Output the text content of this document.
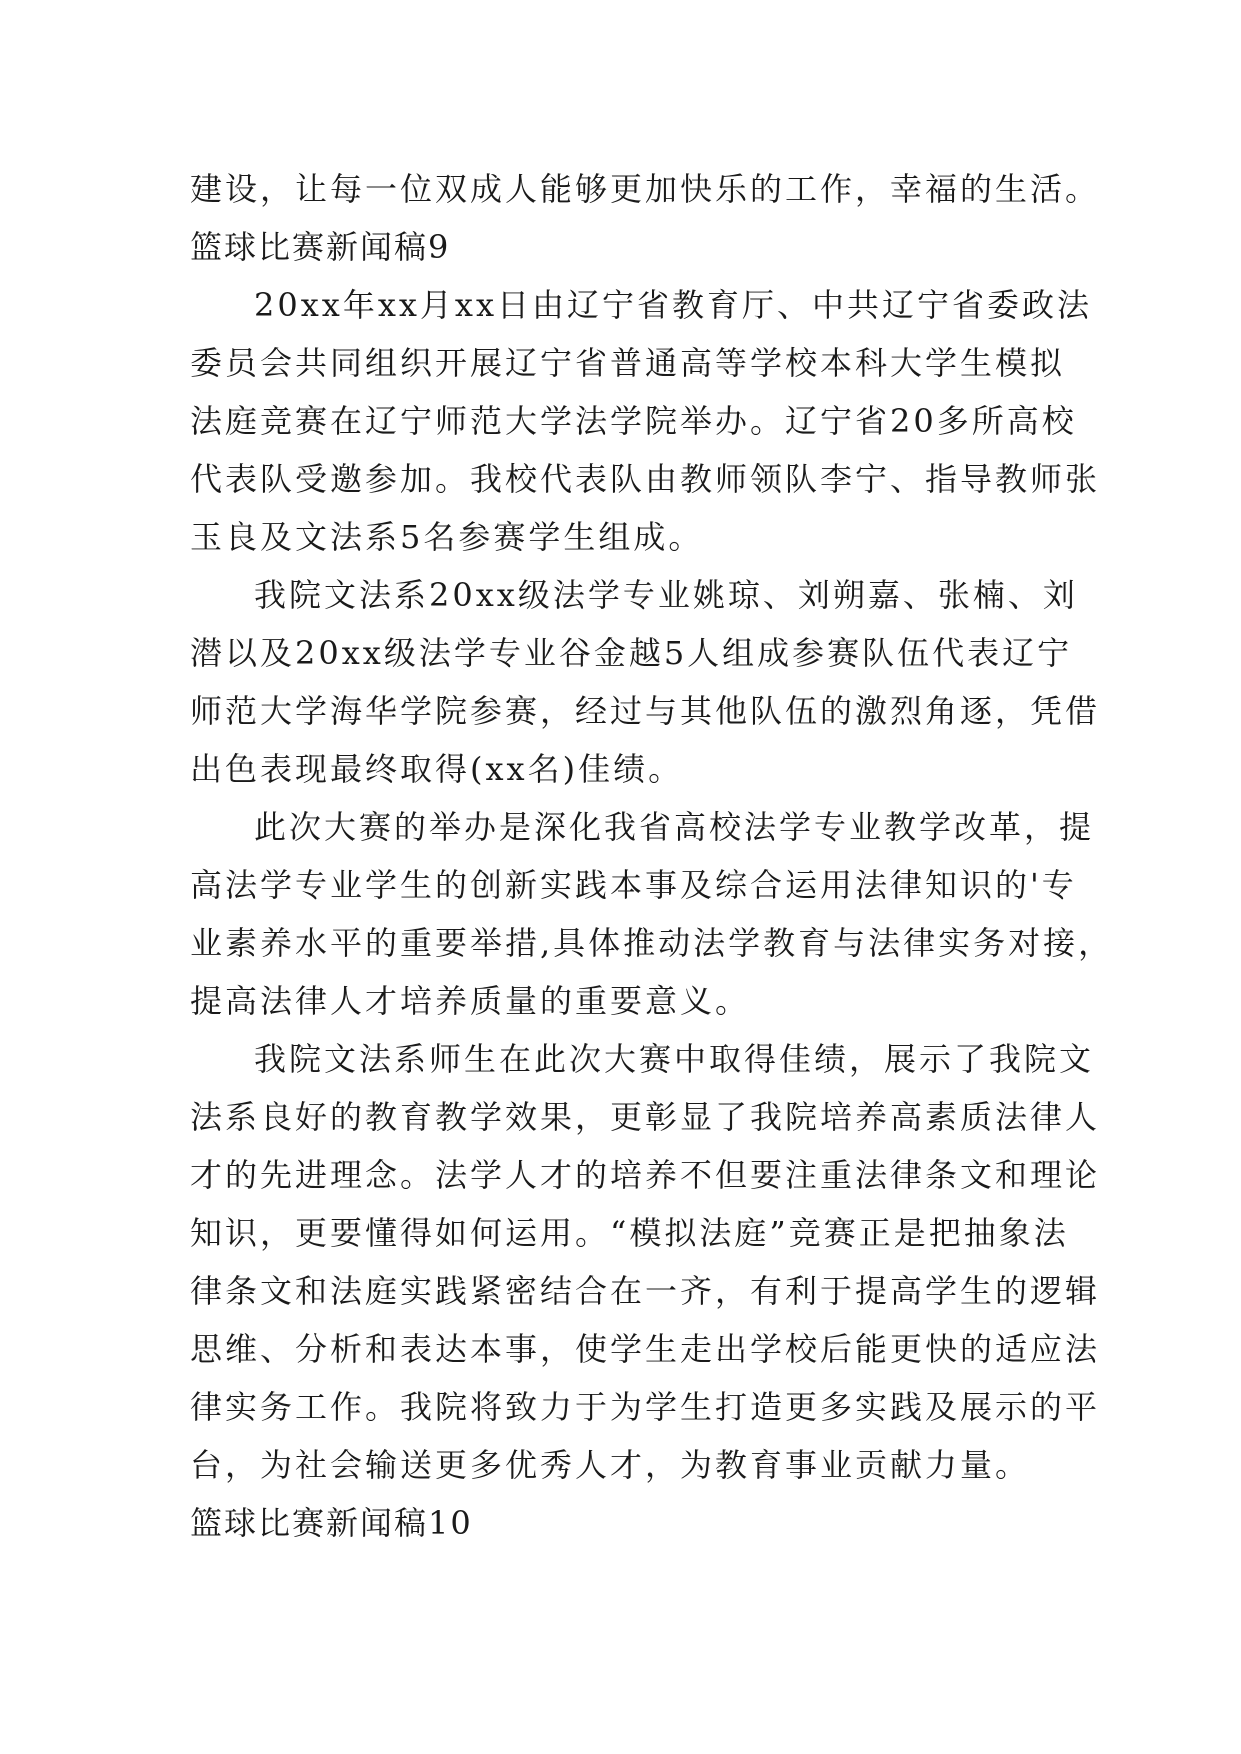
建设，让每一位双成人能够更加快乐的工作，幸福的生活。
篮球比赛新闻稿9
20xx年xx月xx日由辽宁省教育厅、中共辽宁省委政法
委员会共同组织开展辽宁省普通高等学校本科大学生模拟
法庭竞赛在辽宁师范大学法学院举办。辽宁省20多所高校
代表队受邀参加。我校代表队由教师领队李宁、指导教师张
玉良及文法系5名参赛学生组成。
我院文法系20xx级法学专业姚琼、刘朔嘉、张楠、刘
潜以及20xx级法学专业谷金越5人组成参赛队伍代表辽宁
师范大学海华学院参赛，经过与其他队伍的激烈角逐，凭借
出色表现最终取得(xx名)佳绩。
此次大赛的举办是深化我省高校法学专业教学改革，提
高法学专业学生的创新实践本事及综合运用法律知识的'专
业素养水平的重要举措,具体推动法学教育与法律实务对接，
提高法律人才培养质量的重要意义。
我院文法系师生在此次大赛中取得佳绩，展示了我院文
法系良好的教育教学效果，更彰显了我院培养高素质法律人
才的先进理念。法学人才的培养不但要注重法律条文和理论
知识，更要懂得如何运用。“模拟法庭”竞赛正是把抽象法
律条文和法庭实践紧密结合在一齐，有利于提高学生的逻辑
思维、分析和表达本事，使学生走出学校后能更快的适应法
律实务工作。我院将致力于为学生打造更多实践及展示的平
台，为社会输送更多优秀人才，为教育事业贡献力量。
篮球比赛新闻稿10
